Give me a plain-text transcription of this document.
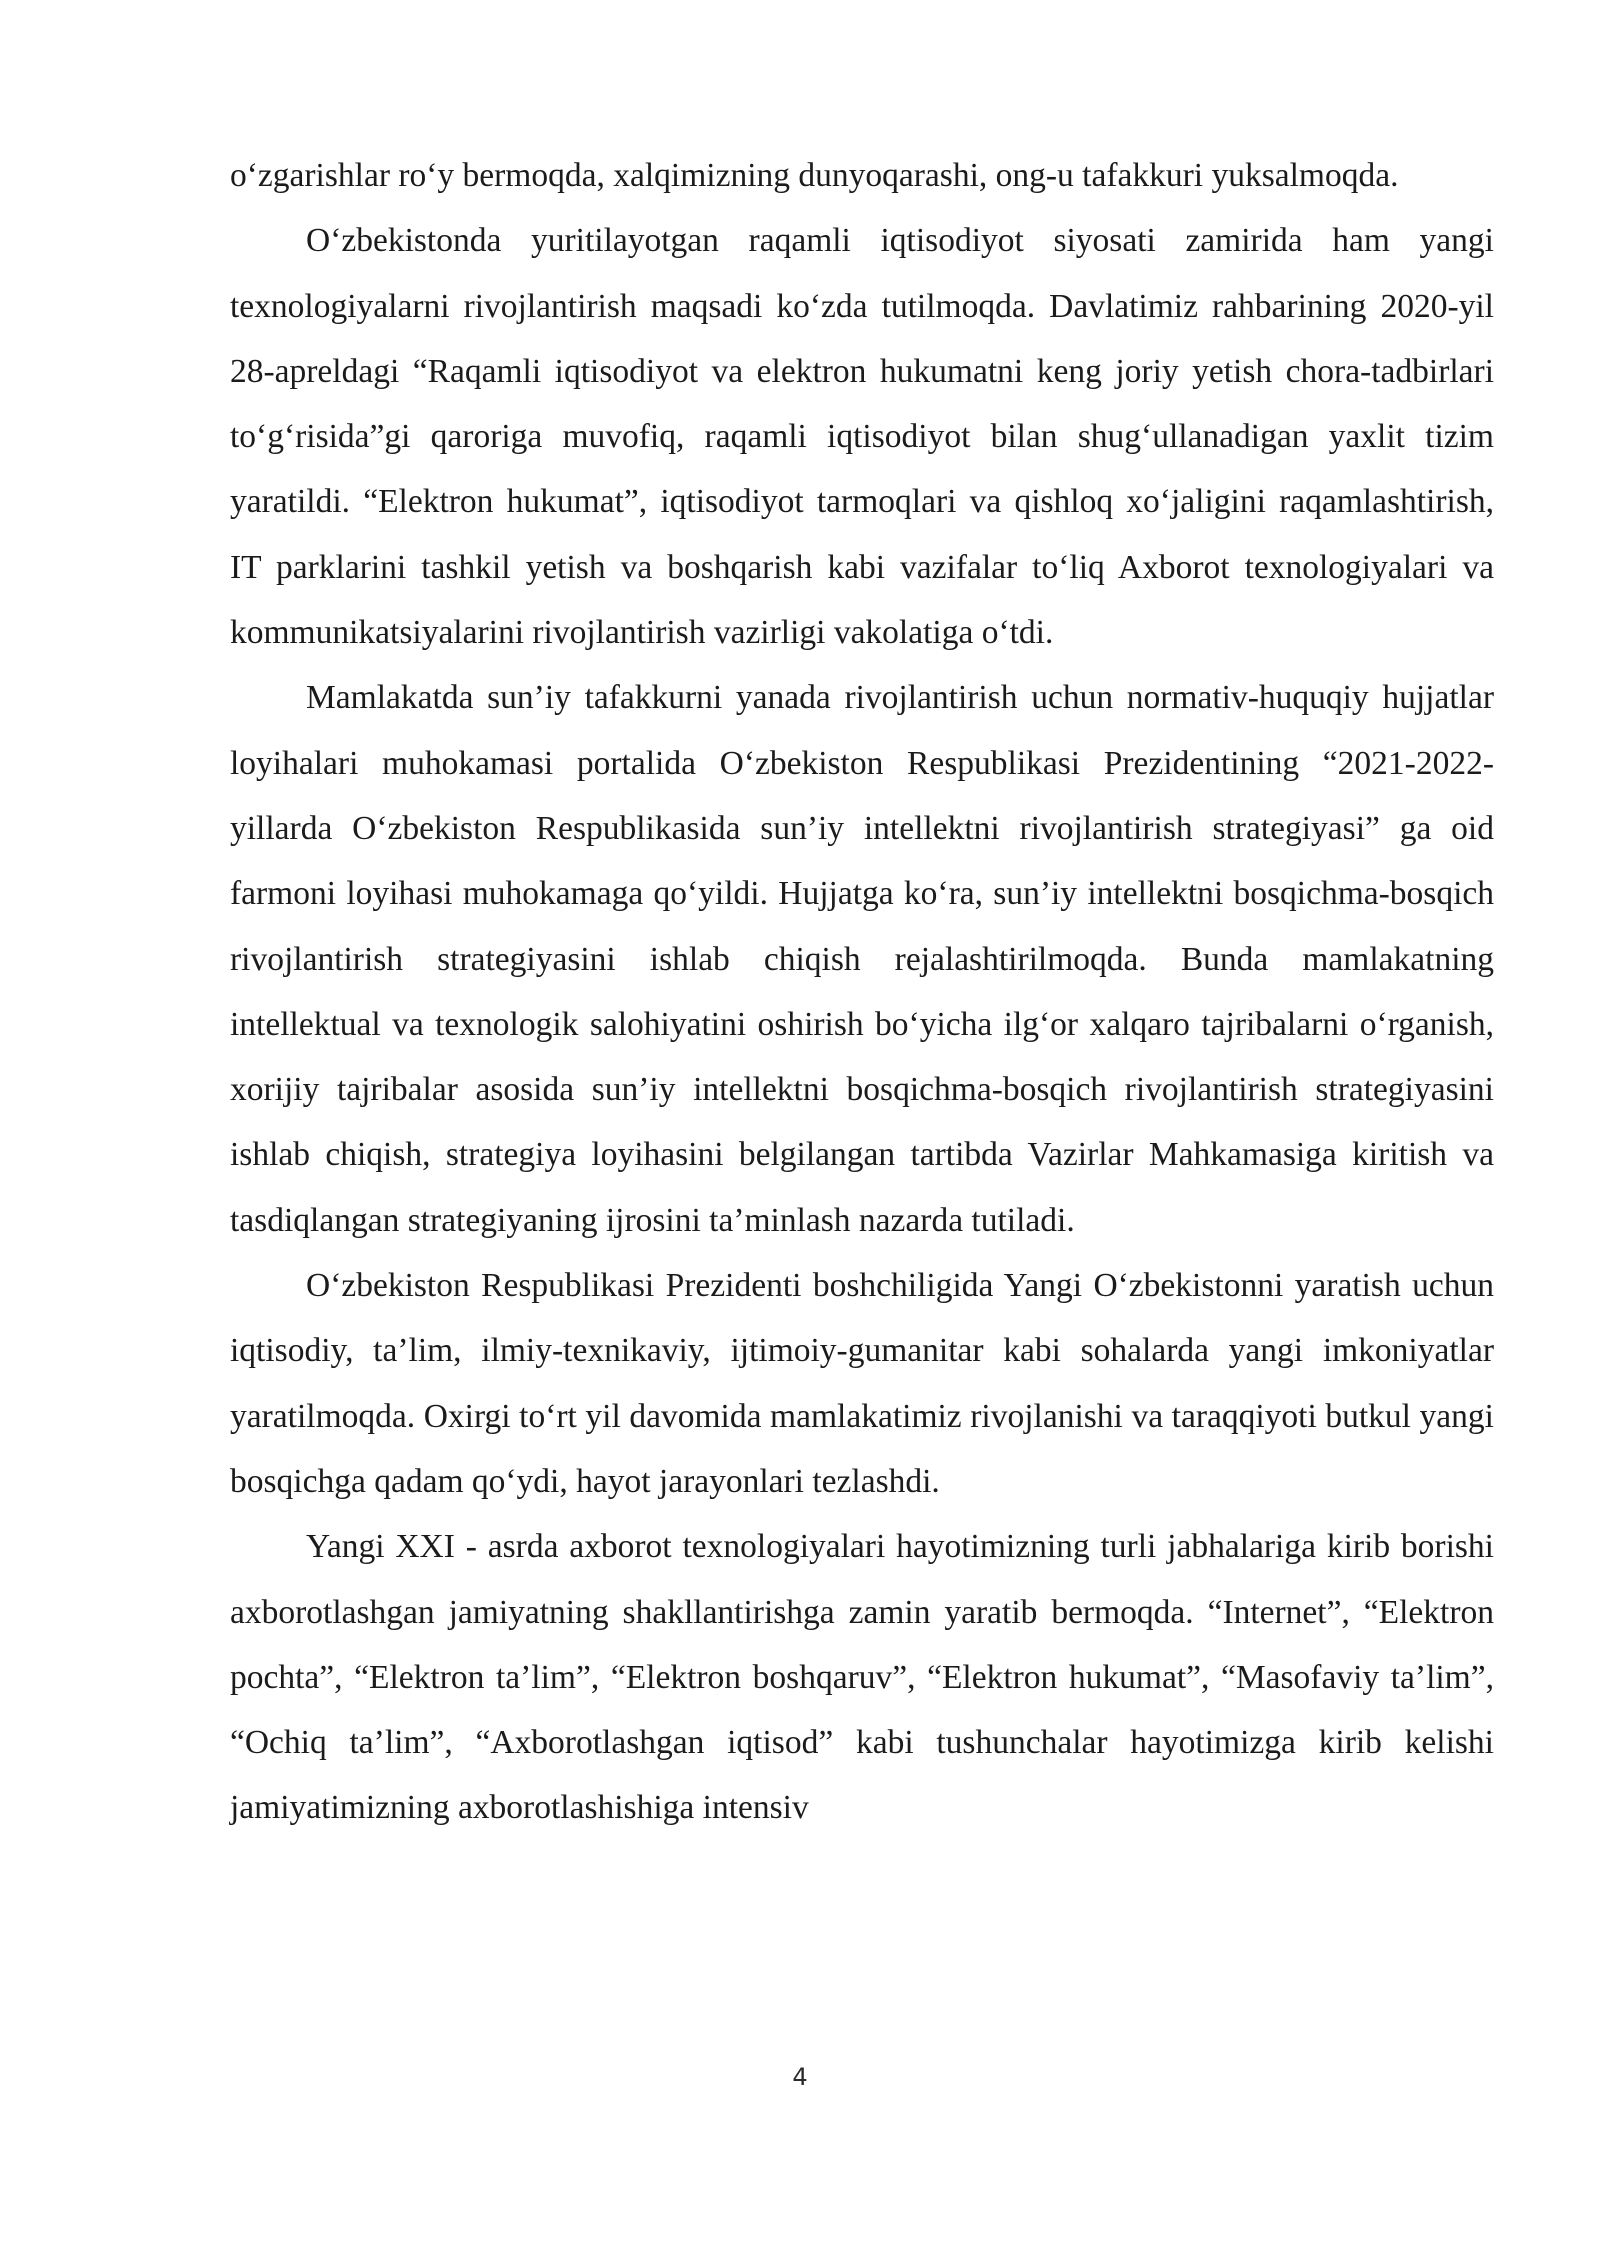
o‘zgarishlar ro‘y bermoqda, xalqimizning dunyoqarashi, ong-u tafakkuri yuksalmoqda.

O‘zbekistonda yuritilayotgan raqamli iqtisodiyot siyosati zamirida ham yangi texnologiyalarni rivojlantirish maqsadi ko‘zda tutilmoqda. Davlatimiz rahbarining 2020-yil 28-apreldagi “Raqamli iqtisodiyot va elektron hukumatni keng joriy yetish chora-tadbirlari to‘g‘risida”gi qaroriga muvofiq, raqamli iqtisodiyot bilan shug‘ullanadigan yaxlit tizim yaratildi. “Elektron hukumat”, iqtisodiyot tarmoqlari va qishloq xo‘jaligini raqamlashtirish, IT parklarini tashkil yetish va boshqarish kabi vazifalar to‘liq Axborot texnologiyalari va kommunikatsiyalarini rivojlantirish vazirligi vakolatiga o‘tdi.

Mamlakatda sun’iy tafakkurni yanada rivojlantirish uchun normativ-huquqiy hujjatlar loyihalari muhokamasi portalida O‘zbekiston Respublikasi Prezidentining “2021-2022-yillarda O‘zbekiston Respublikasida sun’iy intellektni rivojlantirish strategiyasi” ga oid farmoni loyihasi muhokamaga qo‘yildi. Hujjatga ko‘ra, sun’iy intellektni bosqichma-bosqich rivojlantirish strategiyasini ishlab chiqish rejalashtirilmoqda. Bunda mamlakatning intellektual va texnologik salohiyatini oshirish bo‘yicha ilg‘or xalqaro tajribalarni o‘rganish, xorijiy tajribalar asosida sun’iy intellektni bosqichma-bosqich rivojlantirish strategiyasini ishlab chiqish, strategiya loyihasini belgilangan tartibda Vazirlar Mahkamasiga kiritish va tasdiqlangan strategiyaning ijrosini ta’minlash nazarda tutiladi.

O‘zbekiston Respublikasi Prezidenti boshchiligida Yangi O‘zbekistonni yaratish uchun iqtisodiy, ta’lim, ilmiy-texnikaviy, ijtimoiy-gumanitar kabi sohalarda yangi imkoniyatlar yaratilmoqda. Oxirgi to‘rt yil davomida mamlakatimiz rivojlanishi va taraqqiyoti butkul yangi bosqichga qadam qo‘ydi, hayot jarayonlari tezlashdi.

Yangi XXI - asrda axborot texnologiyalari hayotimizning turli jabhalariga kirib borishi axborotlashgan jamiyatning shakllantirishga zamin yaratib bermoqda. “Internet”, “Elektron pochta”, “Elektron ta’lim”, “Elektron boshqaruv”, “Elektron hukumat”, “Masofaviy ta’lim”, “Ochiq ta’lim”, “Axborotlashgan iqtisod” kabi tushunchalar hayotimizga kirib kelishi jamiyatimizning axborotlashishiga intensiv

4
